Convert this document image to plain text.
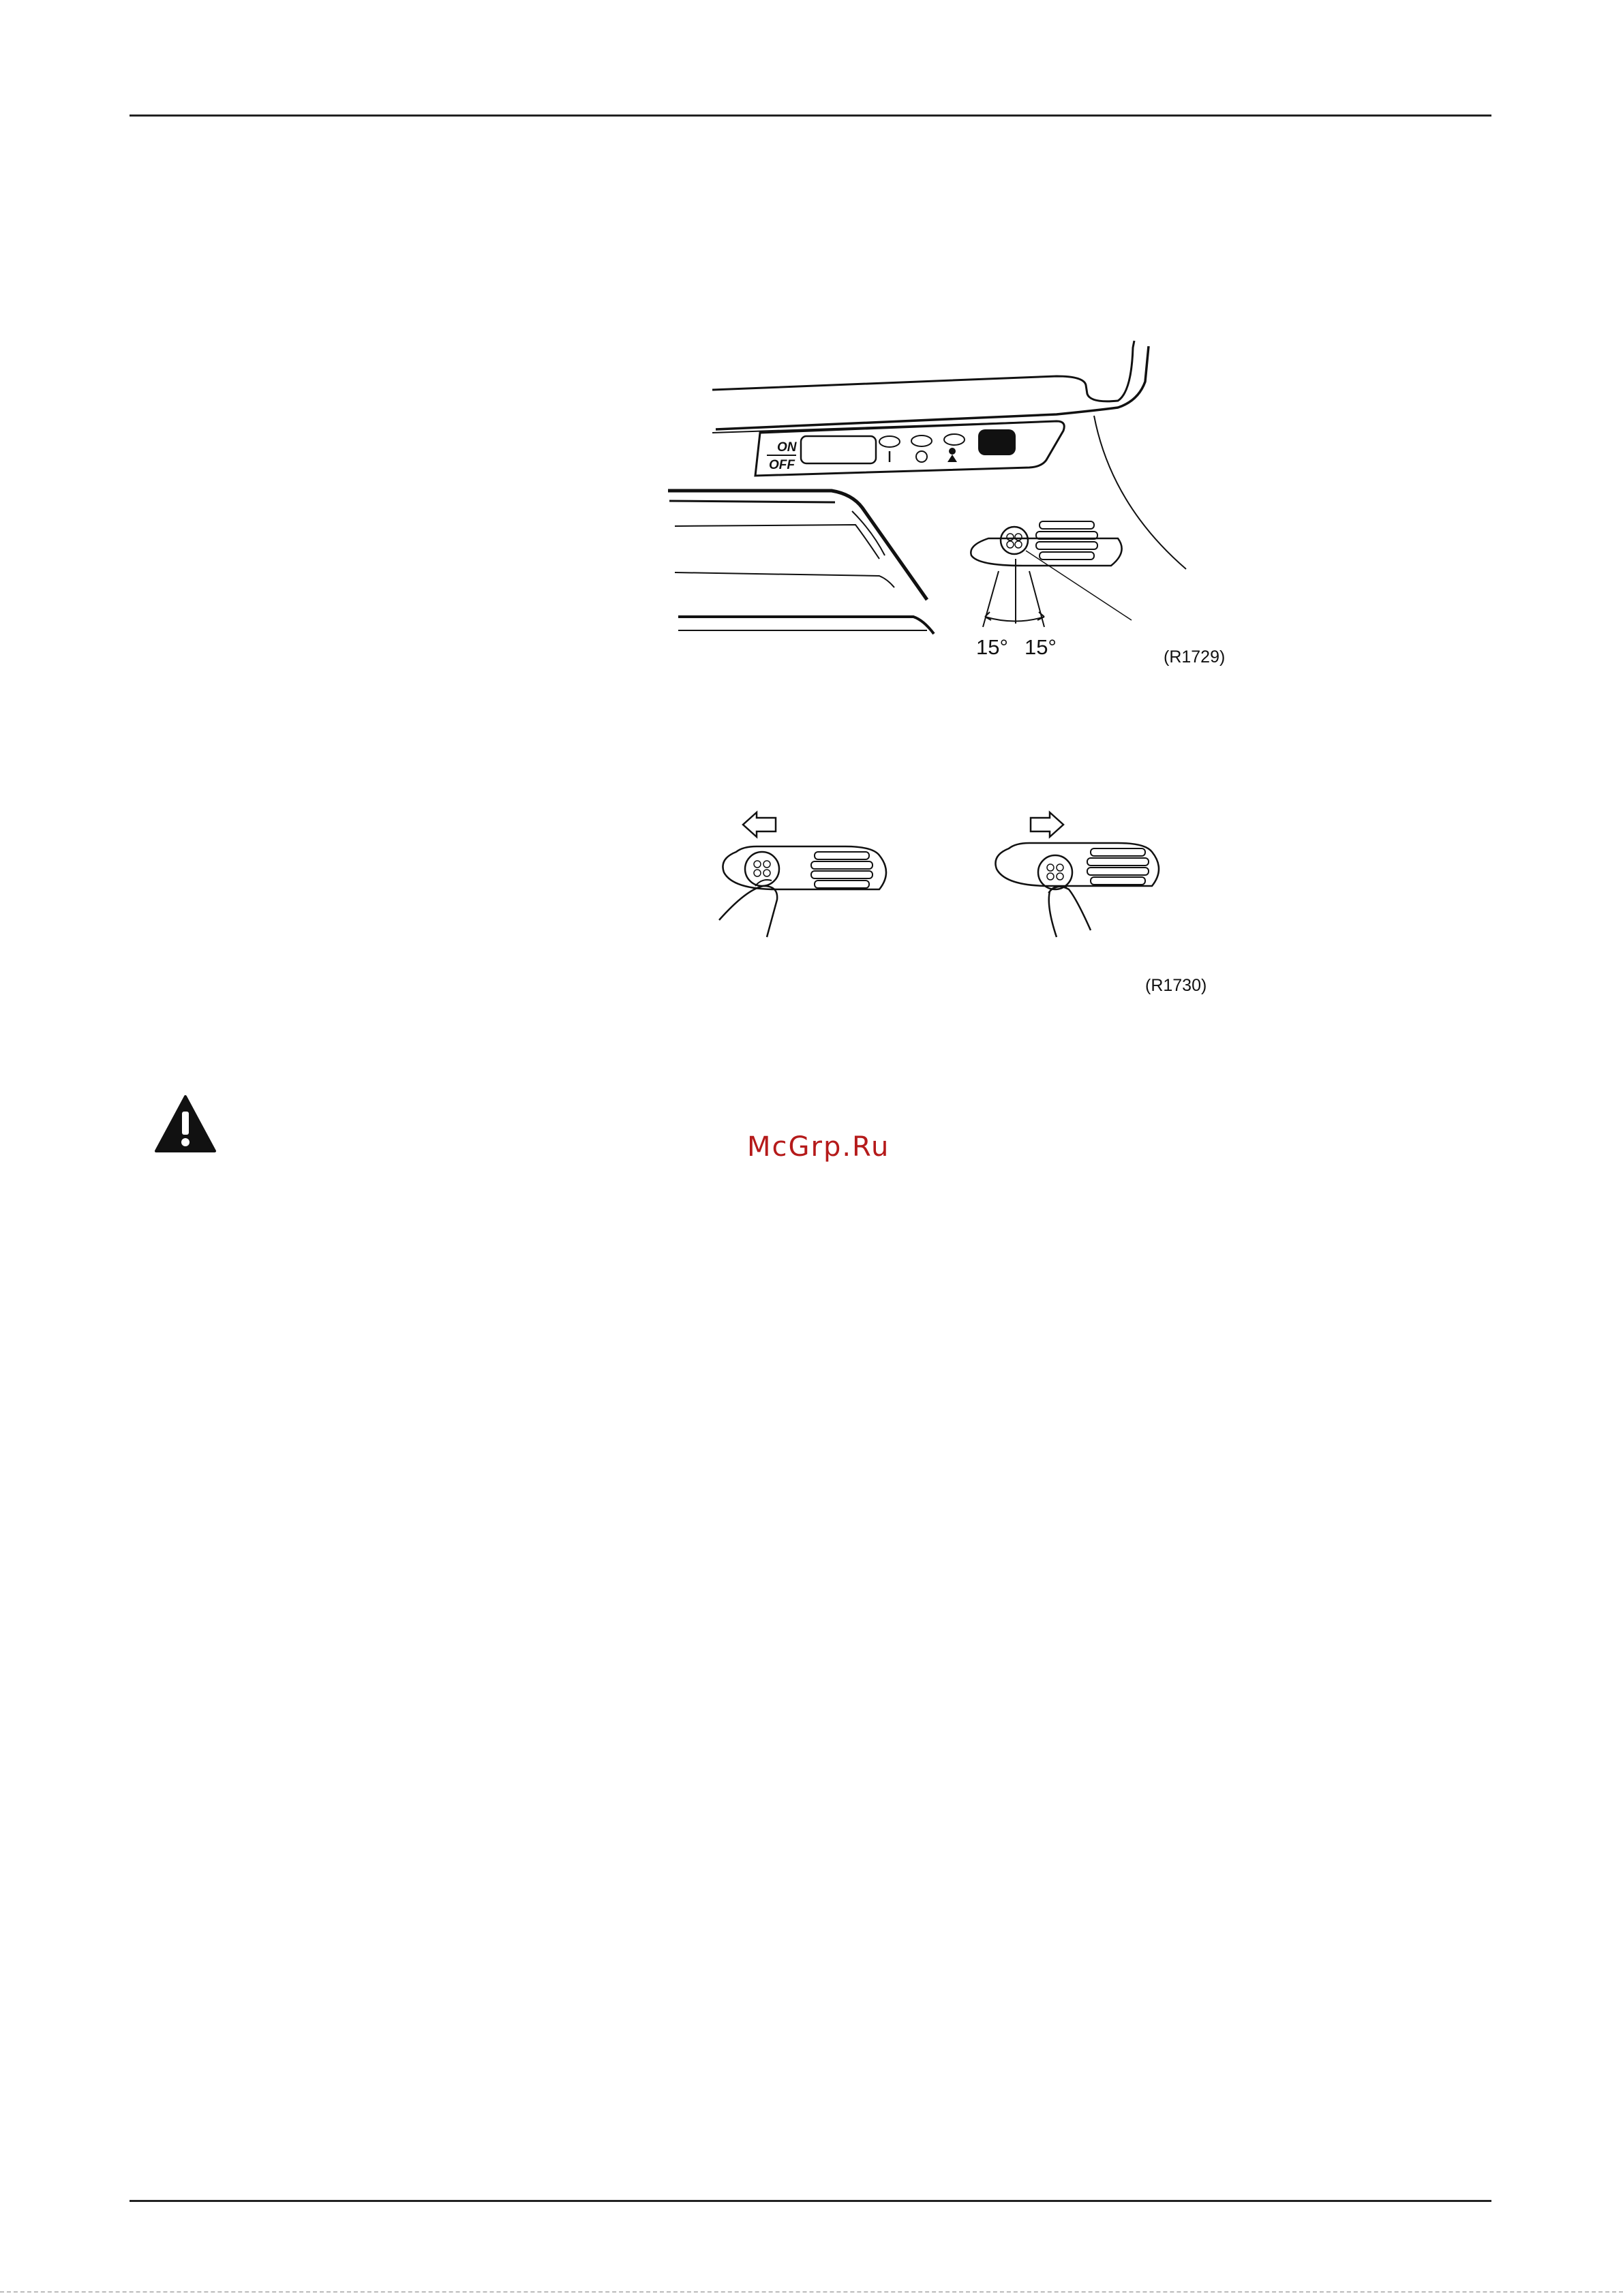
ON
OFF
15° 15°	(R1729)
(R1730)
McGrp.Ru
